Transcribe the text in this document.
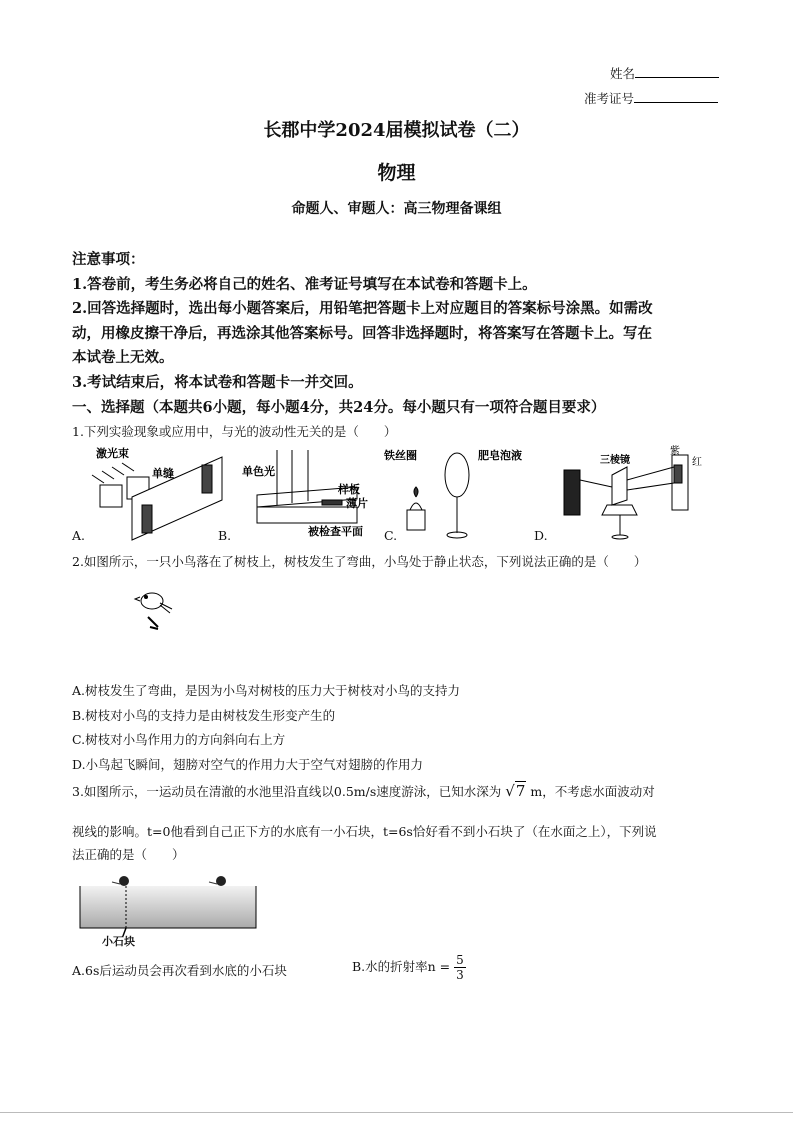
姓名
准考证号
长郡中学2024届模拟试卷（二）
物理
命题人、审题人：高三物理备课组
注意事项：
1.答卷前，考生务必将自己的姓名、准考证号填写在本试卷和答题卡上。
2.回答选择题时，选出每小题答案后，用铅笔把答题卡上对应题目的答案标号涂黑。如需改
动，用橡皮擦干净后，再选涂其他答案标号。回答非选择题时，将答案写在答题卡上。写在
本试卷上无效。
3.考试结束后，将本试卷和答题卡一并交回。
一、选择题（本题共6小题，每小题4分，共24分。每小题只有一项符合题目要求）
1.下列实验现象或应用中，与光的波动性无关的是（　　）
激光束
单缝	单色光
样板
薄片
被检查平面
铁丝圈	肥皂泡液	三棱镜
紫
红
A.	B.	C.	D.
2.如图所示，一只小鸟落在了树枝上，树枝发生了弯曲，小鸟处于静止状态，下列说法正确的是（　　）
A.树枝发生了弯曲，是因为小鸟对树枝的压力大于树枝对小鸟的支持力
B.树枝对小鸟的支持力是由树枝发生形变产生的
C.树枝对小鸟作用力的方向斜向右上方
D.小鸟起飞瞬间，翅膀对空气的作用力大于空气对翅膀的作用力
3.如图所示，一运动员在清澈的水池里沿直线以0.5m/s速度游泳，已知水深为 √7 m，不考虑水面波动对
视线的影响。t=0他看到自己正下方的水底有一小石块，t=6s恰好看不到小石块了（在水面之上），下列说
法正确的是（　　）
小石块
A.6s后运动员会再次看到水底的小石块	B.水的折射率$n = \frac{5}{3}$
